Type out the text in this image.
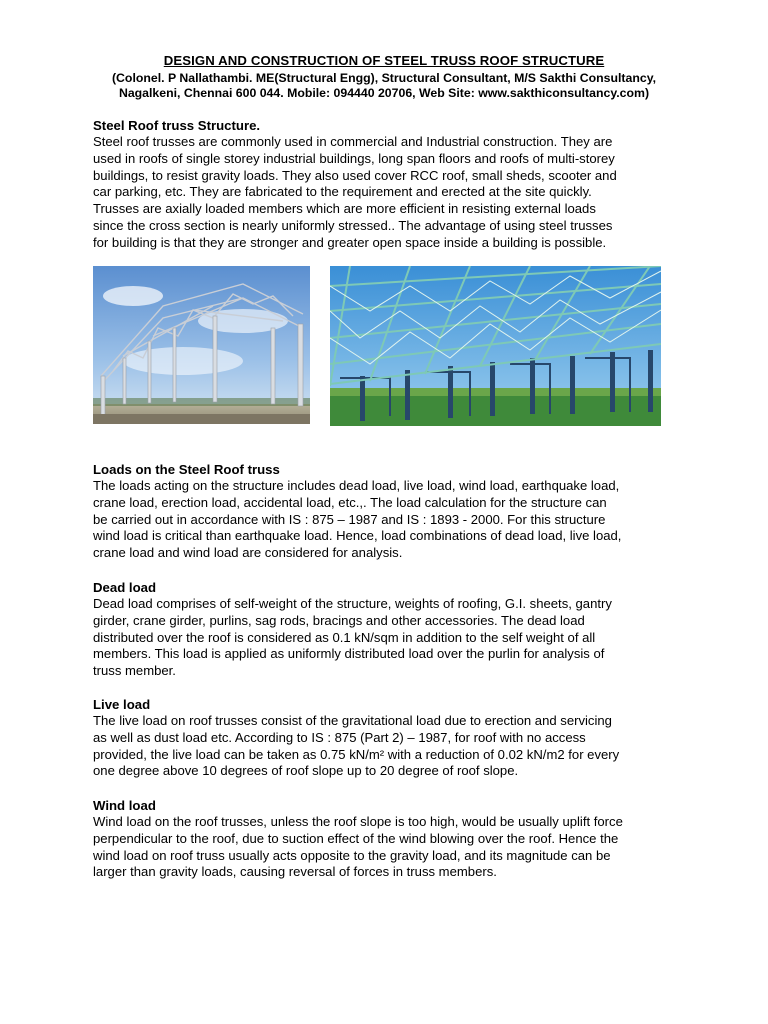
DESIGN AND CONSTRUCTION OF STEEL TRUSS ROOF STRUCTURE
(Colonel. P Nallathambi. ME(Structural Engg), Structural Consultant, M/S Sakthi Consultancy,
Nagalkeni, Chennai 600 044. Mobile: 094440 20706, Web Site: www.sakthiconsultancy.com)

Steel Roof truss Structure.

Steel roof trusses are commonly used in commercial and Industrial construction. They are

used in roofs of single storey industrial buildings, long span floors and roofs of multi-storey

buildings, to resist gravity loads. They also used cover RCC roof, small sheds, scooter and

car parking, etc. They are fabricated to the requirement and erected at the site quickly.

Trusses are axially loaded members which are more efficient in resisting external loads

since the cross section is nearly uniformly stressed.. The advantage of using steel trusses

for building is that they are stronger and greater open space inside a building is possible.

Loads on the Steel Roof truss

The loads acting on the structure includes dead load, live load, wind load, earthquake load,

crane load, erection load, accidental load, etc.,. The load calculation for the structure can

be carried out in accordance with IS : 875 – 1987 and IS : 1893 - 2000. For this structure

wind load is critical than earthquake load. Hence, load combinations of dead load, live load,

crane load and wind load are considered for analysis.

Dead load

Dead load comprises of self-weight of the structure, weights of roofing, G.I. sheets, gantry

girder, crane girder, purlins, sag rods, bracings and other accessories. The dead load

distributed over the roof is considered as 0.1 kN/sqm in addition to the self weight of all

members. This load is applied as uniformly distributed load over the purlin for analysis of

truss member.

Live load

The live load on roof trusses consist of the gravitational load due to erection and servicing

as well as dust load etc. According to IS : 875 (Part 2) – 1987, for roof with no access

provided, the live load can be taken as 0.75 kN/m² with a reduction of 0.02 kN/m2 for every

one degree above 10 degrees of roof slope up to 20 degree of roof slope.

Wind load

Wind load on the roof trusses, unless the roof slope is too high, would be usually uplift force

perpendicular to the roof, due to suction effect of the wind blowing over the roof. Hence the

wind load on roof truss usually acts opposite to the gravity load, and its magnitude can be

larger than gravity loads, causing reversal of forces in truss members.
